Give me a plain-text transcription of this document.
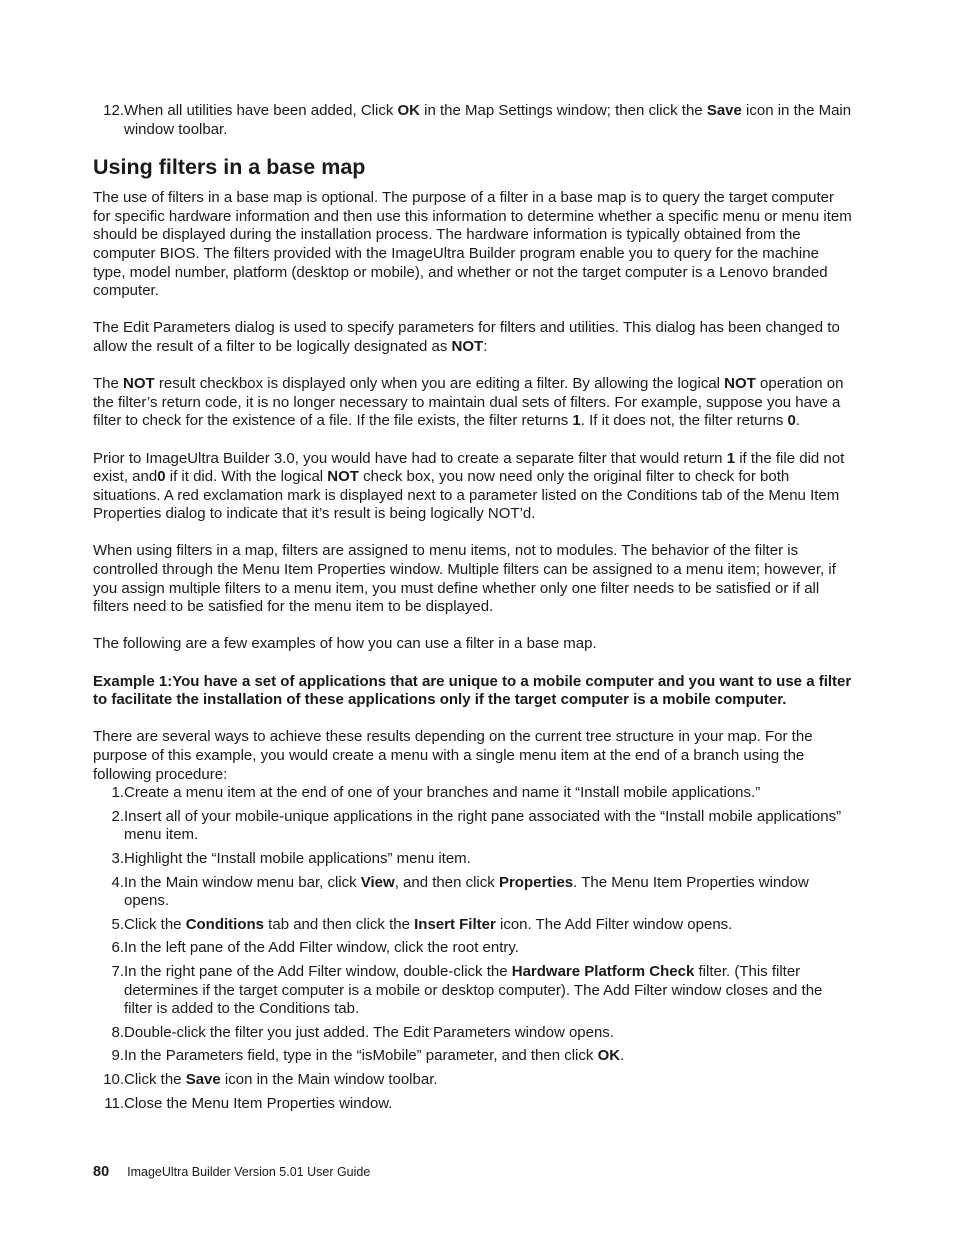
12. When all utilities have been added, Click OK in the Map Settings window; then click the Save icon in the Main window toolbar.
Using filters in a base map

The use of filters in a base map is optional. The purpose of a filter in a base map is to query the target computer for specific hardware information and then use this information to determine whether a specific menu or menu item should be displayed during the installation process. The hardware information is typically obtained from the computer BIOS. The filters provided with the ImageUltra Builder program enable you to query for the machine type, model number, platform (desktop or mobile), and whether or not the target computer is a Lenovo branded computer.

The Edit Parameters dialog is used to specify parameters for filters and utilities. This dialog has been changed to allow the result of a filter to be logically designated as NOT:

The NOT result checkbox is displayed only when you are editing a filter. By allowing the logical NOT operation on the filter’s return code, it is no longer necessary to maintain dual sets of filters. For example, suppose you have a filter to check for the existence of a file. If the file exists, the filter returns 1. If it does not, the filter returns 0.

Prior to ImageUltra Builder 3.0, you would have had to create a separate filter that would return 1 if the file did not exist, and0 if it did. With the logical NOT check box, you now need only the original filter to check for both situations. A red exclamation mark is displayed next to a parameter listed on the Conditions tab of the Menu Item Properties dialog to indicate that it’s result is being logically NOT’d.

When using filters in a map, filters are assigned to menu items, not to modules. The behavior of the filter is controlled through the Menu Item Properties window. Multiple filters can be assigned to a menu item; however, if you assign multiple filters to a menu item, you must define whether only one filter needs to be satisfied or if all filters need to be satisfied for the menu item to be displayed.

The following are a few examples of how you can use a filter in a base map.

Example 1:You have a set of applications that are unique to a mobile computer and you want to use a filter to facilitate the installation of these applications only if the target computer is a mobile computer.

There are several ways to achieve these results depending on the current tree structure in your map. For the purpose of this example, you would create a menu with a single menu item at the end of a branch using the following procedure:

1. Create a menu item at the end of one of your branches and name it “Install mobile applications.”
2. Insert all of your mobile-unique applications in the right pane associated with the “Install mobile applications” menu item.
3. Highlight the “Install mobile applications” menu item.
4. In the Main window menu bar, click View, and then click Properties. The Menu Item Properties window opens.
5. Click the Conditions tab and then click the Insert Filter icon. The Add Filter window opens.
6. In the left pane of the Add Filter window, click the root entry.
7. In the right pane of the Add Filter window, double-click the Hardware Platform Check filter. (This filter determines if the target computer is a mobile or desktop computer). The Add Filter window closes and the filter is added to the Conditions tab.
8. Double-click the filter you just added. The Edit Parameters window opens.
9. In the Parameters field, type in the “isMobile” parameter, and then click OK.
10. Click the Save icon in the Main window toolbar.
11. Close the Menu Item Properties window.
80 ImageUltra Builder Version 5.01 User Guide
